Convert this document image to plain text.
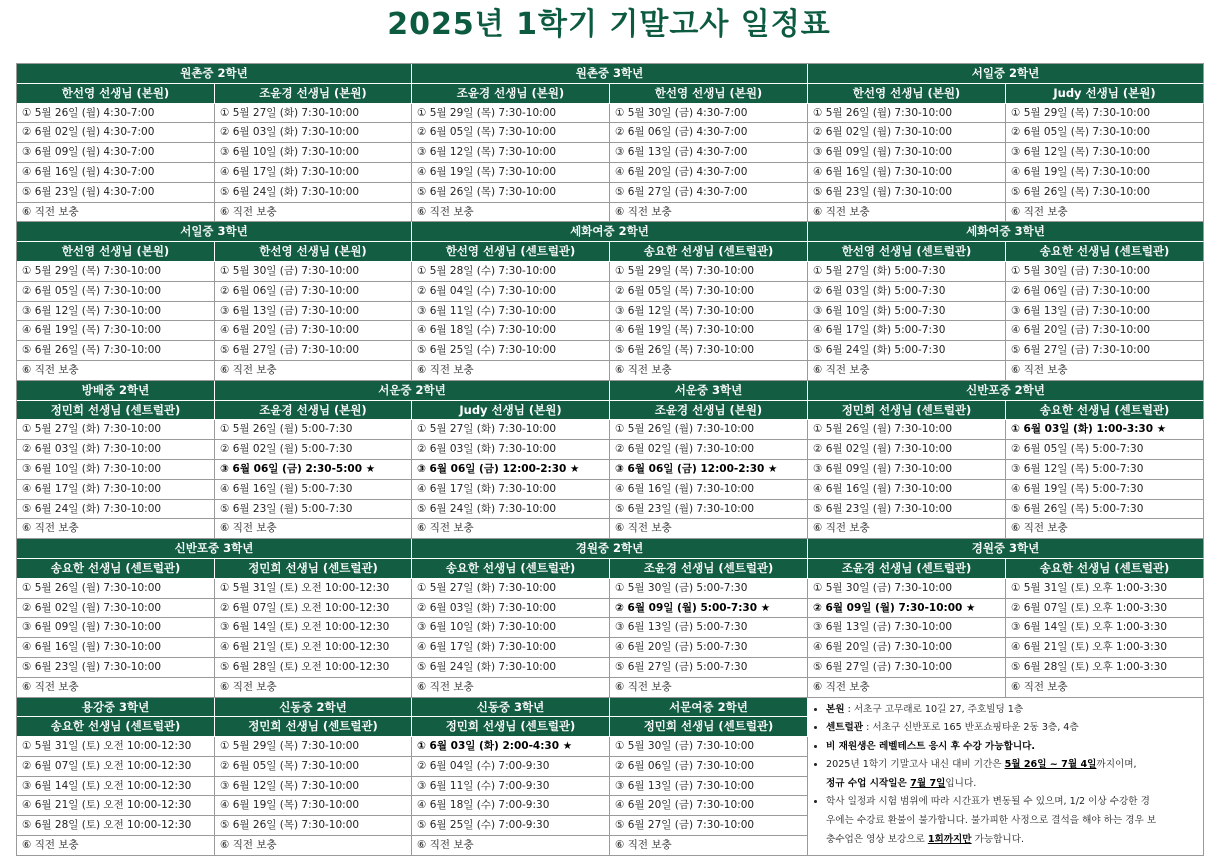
2025년 1학기 기말고사 일정표
원촌중 2학년	원촌중 3학년	서일중 2학년
한선영 선생님 (본원)	조윤경 선생님 (본원)	조윤경 선생님 (본원)	한선영 선생님 (본원)	한선영 선생님 (본원)	Judy 선생님 (본원)
① 5월 26일 (월) 4:30-7:00	① 5월 27일 (화) 7:30-10:00	① 5월 29일 (목) 7:30-10:00	① 5월 30일 (금) 4:30-7:00	① 5월 26일 (월) 7:30-10:00	① 5월 29일 (목) 7:30-10:00
② 6월 02일 (월) 4:30-7:00	② 6월 03일 (화) 7:30-10:00	② 6월 05일 (목) 7:30-10:00	② 6월 06일 (금) 4:30-7:00	② 6월 02일 (월) 7:30-10:00	② 6월 05일 (목) 7:30-10:00
③ 6월 09일 (월) 4:30-7:00	③ 6월 10일 (화) 7:30-10:00	③ 6월 12일 (목) 7:30-10:00	③ 6월 13일 (금) 4:30-7:00	③ 6월 09일 (월) 7:30-10:00	③ 6월 12일 (목) 7:30-10:00
④ 6월 16일 (월) 4:30-7:00	④ 6월 17일 (화) 7:30-10:00	④ 6월 19일 (목) 7:30-10:00	④ 6월 20일 (금) 4:30-7:00	④ 6월 16일 (월) 7:30-10:00	④ 6월 19일 (목) 7:30-10:00
⑤ 6월 23일 (월) 4:30-7:00	⑤ 6월 24일 (화) 7:30-10:00	⑤ 6월 26일 (목) 7:30-10:00	⑤ 6월 27일 (금) 4:30-7:00	⑤ 6월 23일 (월) 7:30-10:00	⑤ 6월 26일 (목) 7:30-10:00
⑥ 직전 보충	⑥ 직전 보충	⑥ 직전 보충	⑥ 직전 보충	⑥ 직전 보충	⑥ 직전 보충
서일중 3학년	세화여중 2학년	세화여중 3학년
한선영 선생님 (본원)	한선영 선생님 (본원)	한선영 선생님 (센트럴관)	송요한 선생님 (센트럴관)	한선영 선생님 (센트럴관)	송요한 선생님 (센트럴관)
① 5월 29일 (목) 7:30-10:00	① 5월 30일 (금) 7:30-10:00	① 5월 28일 (수) 7:30-10:00	① 5월 29일 (목) 7:30-10:00	① 5월 27일 (화) 5:00-7:30	① 5월 30일 (금) 7:30-10:00
② 6월 05일 (목) 7:30-10:00	② 6월 06일 (금) 7:30-10:00	② 6월 04일 (수) 7:30-10:00	② 6월 05일 (목) 7:30-10:00	② 6월 03일 (화) 5:00-7:30	② 6월 06일 (금) 7:30-10:00
③ 6월 12일 (목) 7:30-10:00	③ 6월 13일 (금) 7:30-10:00	③ 6월 11일 (수) 7:30-10:00	③ 6월 12일 (목) 7:30-10:00	③ 6월 10일 (화) 5:00-7:30	③ 6월 13일 (금) 7:30-10:00
④ 6월 19일 (목) 7:30-10:00	④ 6월 20일 (금) 7:30-10:00	④ 6월 18일 (수) 7:30-10:00	④ 6월 19일 (목) 7:30-10:00	④ 6월 17일 (화) 5:00-7:30	④ 6월 20일 (금) 7:30-10:00
⑤ 6월 26일 (목) 7:30-10:00	⑤ 6월 27일 (금) 7:30-10:00	⑤ 6월 25일 (수) 7:30-10:00	⑤ 6월 26일 (목) 7:30-10:00	⑤ 6월 24일 (화) 5:00-7:30	⑤ 6월 27일 (금) 7:30-10:00
⑥ 직전 보충	⑥ 직전 보충	⑥ 직전 보충	⑥ 직전 보충	⑥ 직전 보충	⑥ 직전 보충
방배중 2학년	서운중 2학년	서운중 3학년	신반포중 2학년
정민희 선생님 (센트럴관)	조윤경 선생님 (본원)	Judy 선생님 (본원)	조윤경 선생님 (본원)	정민희 선생님 (센트럴관)	송요한 선생님 (센트럴관)
① 5월 27일 (화) 7:30-10:00	① 5월 26일 (월) 5:00-7:30	① 5월 27일 (화) 7:30-10:00	① 5월 26일 (월) 7:30-10:00	① 5월 26일 (월) 7:30-10:00	① 6월 03일 (화) 1:00-3:30 ★
② 6월 03일 (화) 7:30-10:00	② 6월 02일 (월) 5:00-7:30	② 6월 03일 (화) 7:30-10:00	② 6월 02일 (월) 7:30-10:00	② 6월 02일 (월) 7:30-10:00	② 6월 05일 (목) 5:00-7:30
③ 6월 10일 (화) 7:30-10:00	③ 6월 06일 (금) 2:30-5:00 ★	③ 6월 06일 (금) 12:00-2:30 ★	③ 6월 06일 (금) 12:00-2:30 ★	③ 6월 09일 (월) 7:30-10:00	③ 6월 12일 (목) 5:00-7:30
④ 6월 17일 (화) 7:30-10:00	④ 6월 16일 (월) 5:00-7:30	④ 6월 17일 (화) 7:30-10:00	④ 6월 16일 (월) 7:30-10:00	④ 6월 16일 (월) 7:30-10:00	④ 6월 19일 (목) 5:00-7:30
⑤ 6월 24일 (화) 7:30-10:00	⑤ 6월 23일 (월) 5:00-7:30	⑤ 6월 24일 (화) 7:30-10:00	⑤ 6월 23일 (월) 7:30-10:00	⑤ 6월 23일 (월) 7:30-10:00	⑤ 6월 26일 (목) 5:00-7:30
⑥ 직전 보충	⑥ 직전 보충	⑥ 직전 보충	⑥ 직전 보충	⑥ 직전 보충	⑥ 직전 보충
신반포중 3학년	경원중 2학년	경원중 3학년
송요한 선생님 (센트럴관)	정민희 선생님 (센트럴관)	송요한 선생님 (센트럴관)	조윤경 선생님 (센트럴관)	조윤경 선생님 (센트럴관)	송요한 선생님 (센트럴관)
① 5월 26일 (월) 7:30-10:00	① 5월 31일 (토) 오전 10:00-12:30	① 5월 27일 (화) 7:30-10:00	① 5월 30일 (금) 5:00-7:30	① 5월 30일 (금) 7:30-10:00	① 5월 31일 (토) 오후 1:00-3:30
② 6월 02일 (월) 7:30-10:00	② 6월 07일 (토) 오전 10:00-12:30	② 6월 03일 (화) 7:30-10:00	② 6월 09일 (월) 5:00-7:30 ★	② 6월 09일 (월) 7:30-10:00 ★	② 6월 07일 (토) 오후 1:00-3:30
③ 6월 09일 (월) 7:30-10:00	③ 6월 14일 (토) 오전 10:00-12:30	③ 6월 10일 (화) 7:30-10:00	③ 6월 13일 (금) 5:00-7:30	③ 6월 13일 (금) 7:30-10:00	③ 6월 14일 (토) 오후 1:00-3:30
④ 6월 16일 (월) 7:30-10:00	④ 6월 21일 (토) 오전 10:00-12:30	④ 6월 17일 (화) 7:30-10:00	④ 6월 20일 (금) 5:00-7:30	④ 6월 20일 (금) 7:30-10:00	④ 6월 21일 (토) 오후 1:00-3:30
⑤ 6월 23일 (월) 7:30-10:00	⑤ 6월 28일 (토) 오전 10:00-12:30	⑤ 6월 24일 (화) 7:30-10:00	⑤ 6월 27일 (금) 5:00-7:30	⑤ 6월 27일 (금) 7:30-10:00	⑤ 6월 28일 (토) 오후 1:00-3:30
⑥ 직전 보충	⑥ 직전 보충	⑥ 직전 보충	⑥ 직전 보충	⑥ 직전 보충	⑥ 직전 보충
용강중 3학년	신동중 2학년	신동중 3학년	서문여중 2학년
•	본원 : 서초구 고무래로 10길 27, 주호빌딩 1층
• 센트럴관 : 서초구 신반포로 165 반포쇼핑타운 2동 3층, 4층
• 비 재원생은 레벨테스트 응시 후 수강 가능합니다.
• 2025년 1학기 기말고사 내신 대비 기간은 5월 26일 ~ 7월 4일까지이며,
정규 수업 시작일은 7월 7일입니다.
• 학사 일정과 시험 범위에 따라 시간표가 변동될 수 있으며, 1/2 이상 수강한 경
우에는 수강료 환불이 불가합니다. 불가피한 사정으로 결석을 해야 하는 경우 보
충수업은 영상 보강으로 1회까지만 가능합니다.
송요한 선생님 (센트럴관)	정민희 선생님 (센트럴관)	정민희 선생님 (센트럴관)	정민희 선생님 (센트럴관)
① 5월 31일 (토) 오전 10:00-12:30	① 5월 29일 (목) 7:30-10:00	① 6월 03일 (화) 2:00-4:30 ★	① 5월 30일 (금) 7:30-10:00
② 6월 07일 (토) 오전 10:00-12:30	② 6월 05일 (목) 7:30-10:00	② 6월 04일 (수) 7:00-9:30	② 6월 06일 (금) 7:30-10:00
③ 6월 14일 (토) 오전 10:00-12:30	③ 6월 12일 (목) 7:30-10:00	③ 6월 11일 (수) 7:00-9:30	③ 6월 13일 (금) 7:30-10:00
④ 6월 21일 (토) 오전 10:00-12:30	④ 6월 19일 (목) 7:30-10:00	④ 6월 18일 (수) 7:00-9:30	④ 6월 20일 (금) 7:30-10:00
⑤ 6월 28일 (토) 오전 10:00-12:30	⑤ 6월 26일 (목) 7:30-10:00	⑤ 6월 25일 (수) 7:00-9:30	⑤ 6월 27일 (금) 7:30-10:00
⑥ 직전 보충	⑥ 직전 보충	⑥ 직전 보충	⑥ 직전 보충
